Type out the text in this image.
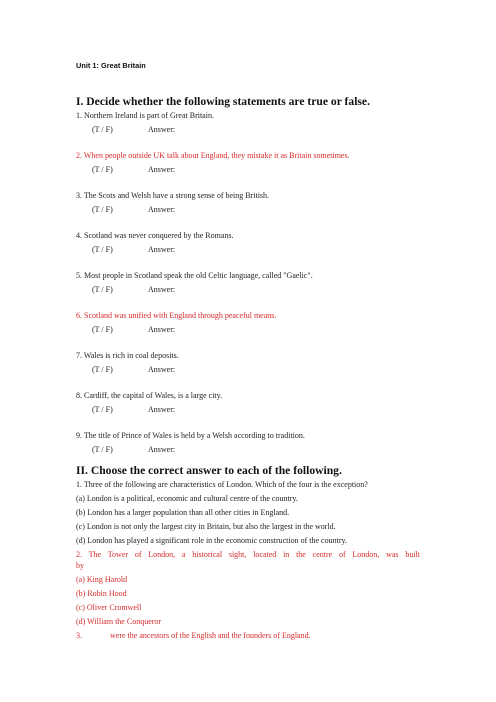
Unit 1: Great Britain
I. Decide whether the following statements are true or false.
1. Northern Ireland is part of Great Britain.
(T / F)	Answer:
2. When people outside UK talk about England, they mistake it as Britain sometimes.
(T / F)	Answer:
3. The Scots and Welsh have a strong sense of being British.
(T / F)	Answer:
4. Scotland was never conquered by the Romans.
(T / F)	Answer:
5. Most people in Scotland speak the old Celtic language, called "Gaelic".
(T / F)	Answer:
6. Scotland was unified with England through peaceful means.
(T / F)	Answer:
7. Wales is rich in coal deposits.
(T / F)	Answer:
8. Cardiff, the capital of Wales, is a large city.
(T / F)	Answer:
9. The title of Prince of Wales is held by a Welsh according to tradition.
(T / F)	Answer:
II. Choose the correct answer to each of the following.
1. Three of the following are characteristics of London. Which of the four is the exception?
(a) London is a political, economic and cultural centre of the country.
(b) London has a larger population than all other cities in England.
(c) London is not only the largest city in Britain, but also the largest in the world.
(d) London has played a significant role in the economic construction of the country.
2. The Tower of London, a historical sight, located in the centre of London, was built
by
(a) King Harold
(b) Robin Hood
(c) Oliver Cromwell
(d) William the Conqueror
3.	were the ancestors of the English and the founders of England.
